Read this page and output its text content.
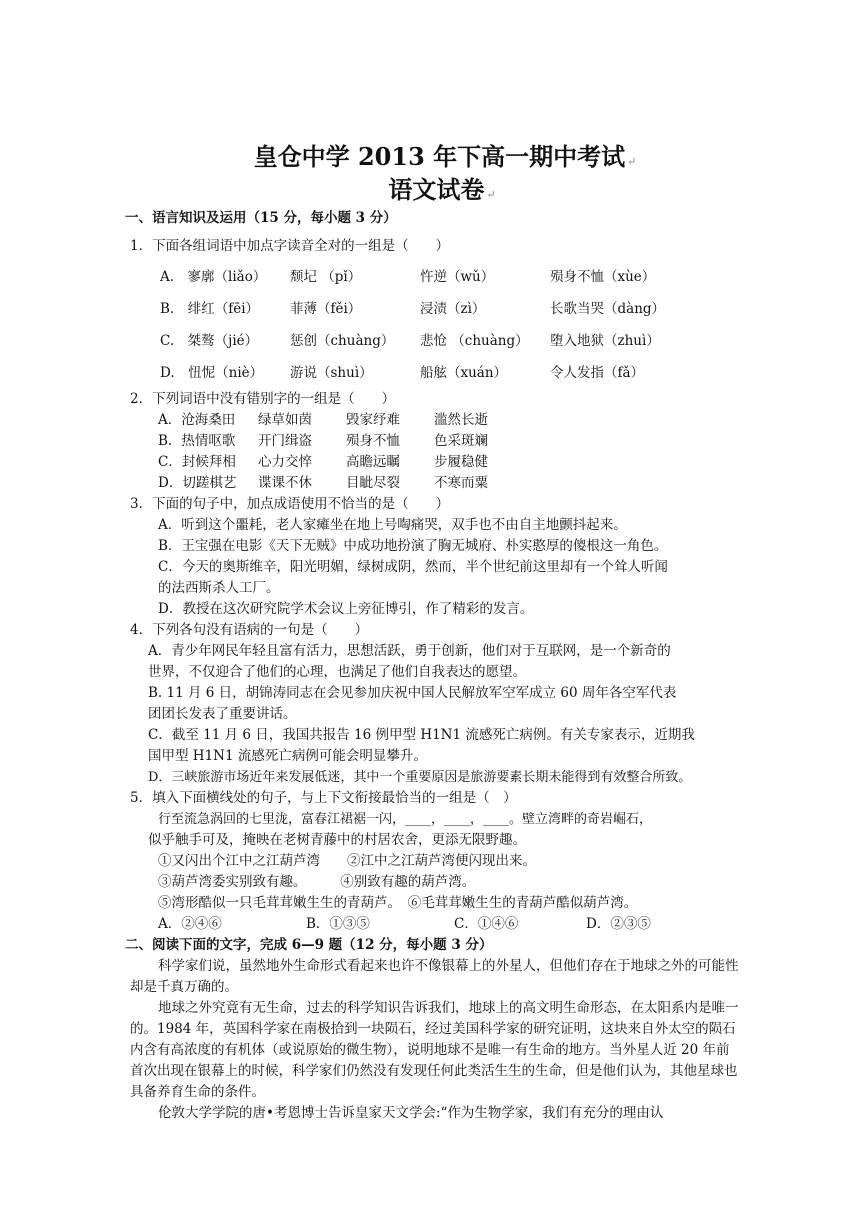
皇仓中学 2013 年下高一期中考试 ↵
语文试卷 ↵

一、语言知识及运用（15 分，每小题 3 分）

1．下面各组词语中加点字读音全对的一组是（　　）

A.　寥廓（liǎo）	颓圮 （pǐ）	忤逆（wǔ）	殒身不恤（xùe）
B.　绯红（fēi）	菲薄（fěi）	浸渍（zì）	长歌当哭（dàng）
C.　桀骜（jié）	惩创（chuàng）	悲怆 （chuàng）	堕入地狱（zhuì）
D.　忸怩（niè）	游说（shuì）	船舷（xuán）	令人发指（fǎ）

2．下列词语中没有错别字的一组是（　　）

A．沧海桑田	绿草如茵	毁家纾难	滥然长逝
B．热情呕歌	开门缉盗	殒身不恤	色采斑斓
C．封候拜相	心力交悴	高瞻远瞩	步履稳健
D．切蹉棋艺	谍课不休	目眦尽裂	不寒而粟

3．下面的句子中，加点成语使用不恰当的是（　　）

A．听到这个噩耗，老人家瘫坐在地上号啕痛哭，双手也不由自主地颤抖起来。

B．王宝强在电影《天下无贼》中成功地扮演了胸无城府、朴实憨厚的傻根这一角色。

C．今天的奥斯维辛，阳光明媚，绿树成阴，然而，半个世纪前这里却有一个耸人听闻

的法西斯杀人工厂。

D．教授在这次研究院学术会议上旁征博引，作了精彩的发言。

4．下列各句没有语病的一句是（　　）

A．青少年网民年轻且富有活力，思想活跃，勇于创新，他们对于互联网，是一个新奇的

世界，不仅迎合了他们的心理，也满足了他们自我表达的愿望。

B. 11 月 6 日，胡锦涛同志在会见参加庆祝中国人民解放军空军成立 60 周年各空军代表

团团长发表了重要讲话。

C．截至 11 月 6 日，我国共报告 16 例甲型 H1N1 流感死亡病例。有关专家表示，近期我

国甲型 H1N1 流感死亡病例可能会明显攀升。

D．三峡旅游市场近年来发展低迷，其中一个重要原因是旅游要素长期未能得到有效整合所致。

5．填入下面横线处的句子，与上下文衔接最恰当的一组是（　）

行至流急涡回的七里泷，富春江裙裾一闪，____，____，____。壁立湾畔的奇岩崛石，

似乎触手可及，掩映在老树青藤中的村居农舍，更添无限野趣。

①又闪出个江中之江葫芦湾　　②江中之江葫芦湾便闪现出来。

③葫芦湾委实别致有趣。　　　④别致有趣的葫芦湾。

⑤湾形酷似一只毛茸茸嫩生生的青葫芦。　⑥毛茸茸嫩生生的青葫芦酷似葫芦湾。

A．②④⑥	B．①③⑤	C．①④⑥	D．②③⑤

二、阅读下面的文字，完成 6—9 题（12 分，每小题 3 分）

科学家们说，虽然地外生命形式看起来也许不像银幕上的外星人，但他们存在于地球之外的可能性却是千真万确的。

地球之外究竟有无生命，过去的科学知识告诉我们，地球上的高文明生命形态，在太阳系内是唯一的。1984 年，英国科学家在南极拾到一块陨石，经过美国科学家的研究证明，这块来自外太空的陨石内含有高浓度的有机体（或说原始的微生物），说明地球不是唯一有生命的地方。当外星人近 20 年前首次出现在银幕上的时候，科学家们仍然没有发现任何此类活生生的生命，但是他们认为，其他星球也具备养育生命的条件。

伦敦大学学院的唐•考恩博士告诉皇家天文学会:“作为生物学家，我们有充分的理由认
